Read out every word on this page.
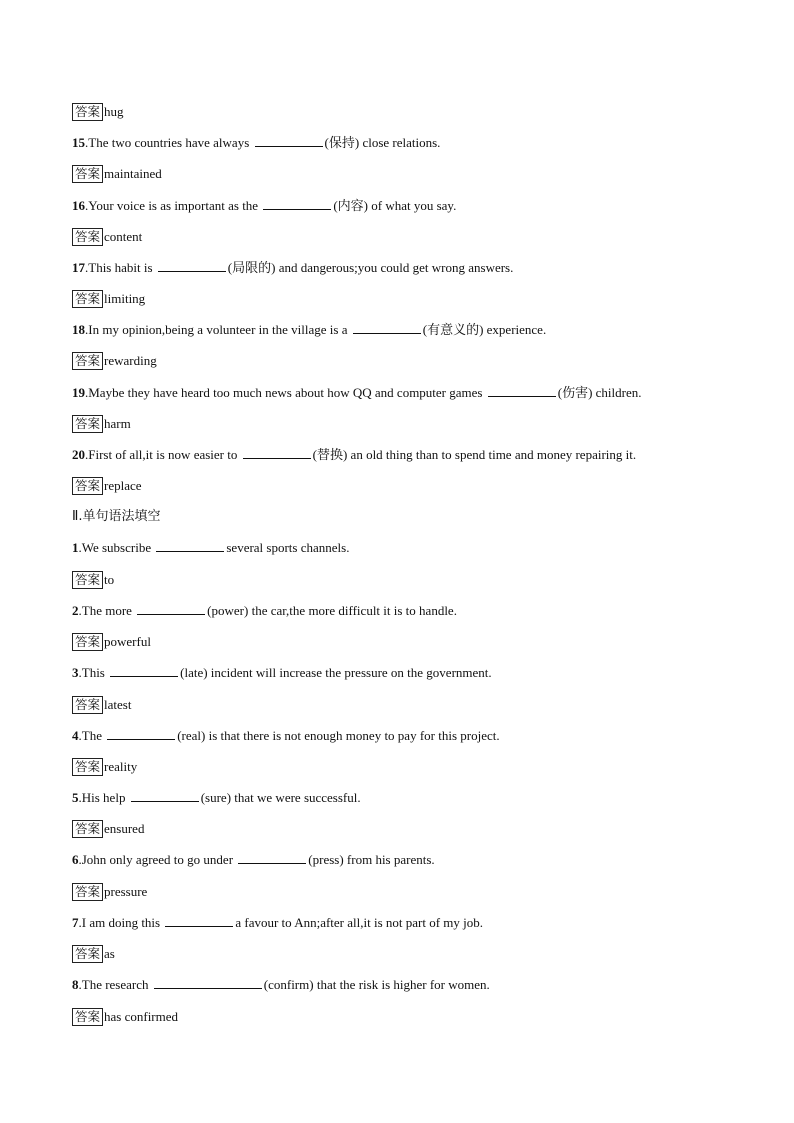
答案 hug
15.The two countries have always	(保持) close relations.
答案 maintained
16.Your voice is as important as the	(内容) of what you say.
答案 content
17.This habit is	(局限的) and dangerous;you could get wrong answers.
答案 limiting
18.In my opinion,being a volunteer in the village is a	(有意义的) experience.
答案 rewarding
19.Maybe they have heard too much news about how QQ and computer games	(伤害) children.
答案 harm
20.First of all,it is now easier to	(替换) an old thing than to spend time and money repairing it.
答案 replace
Ⅱ.单句语法填空
1.We subscribe	several sports channels.
答案 to
2.The more	(power) the car,the more difficult it is to handle.
答案 powerful
3.This	(late) incident will increase the pressure on the government.
答案 latest
4.The	(real) is that there is not enough money to pay for this project.
答案 reality
5.His help	(sure) that we were successful.
答案 ensured
6.John only agreed to go under	(press) from his parents.
答案 pressure
7.I am doing this	a favour to Ann;after all,it is not part of my job.
答案 as
8.The research	(confirm) that the risk is higher for women.
答案 has confirmed
